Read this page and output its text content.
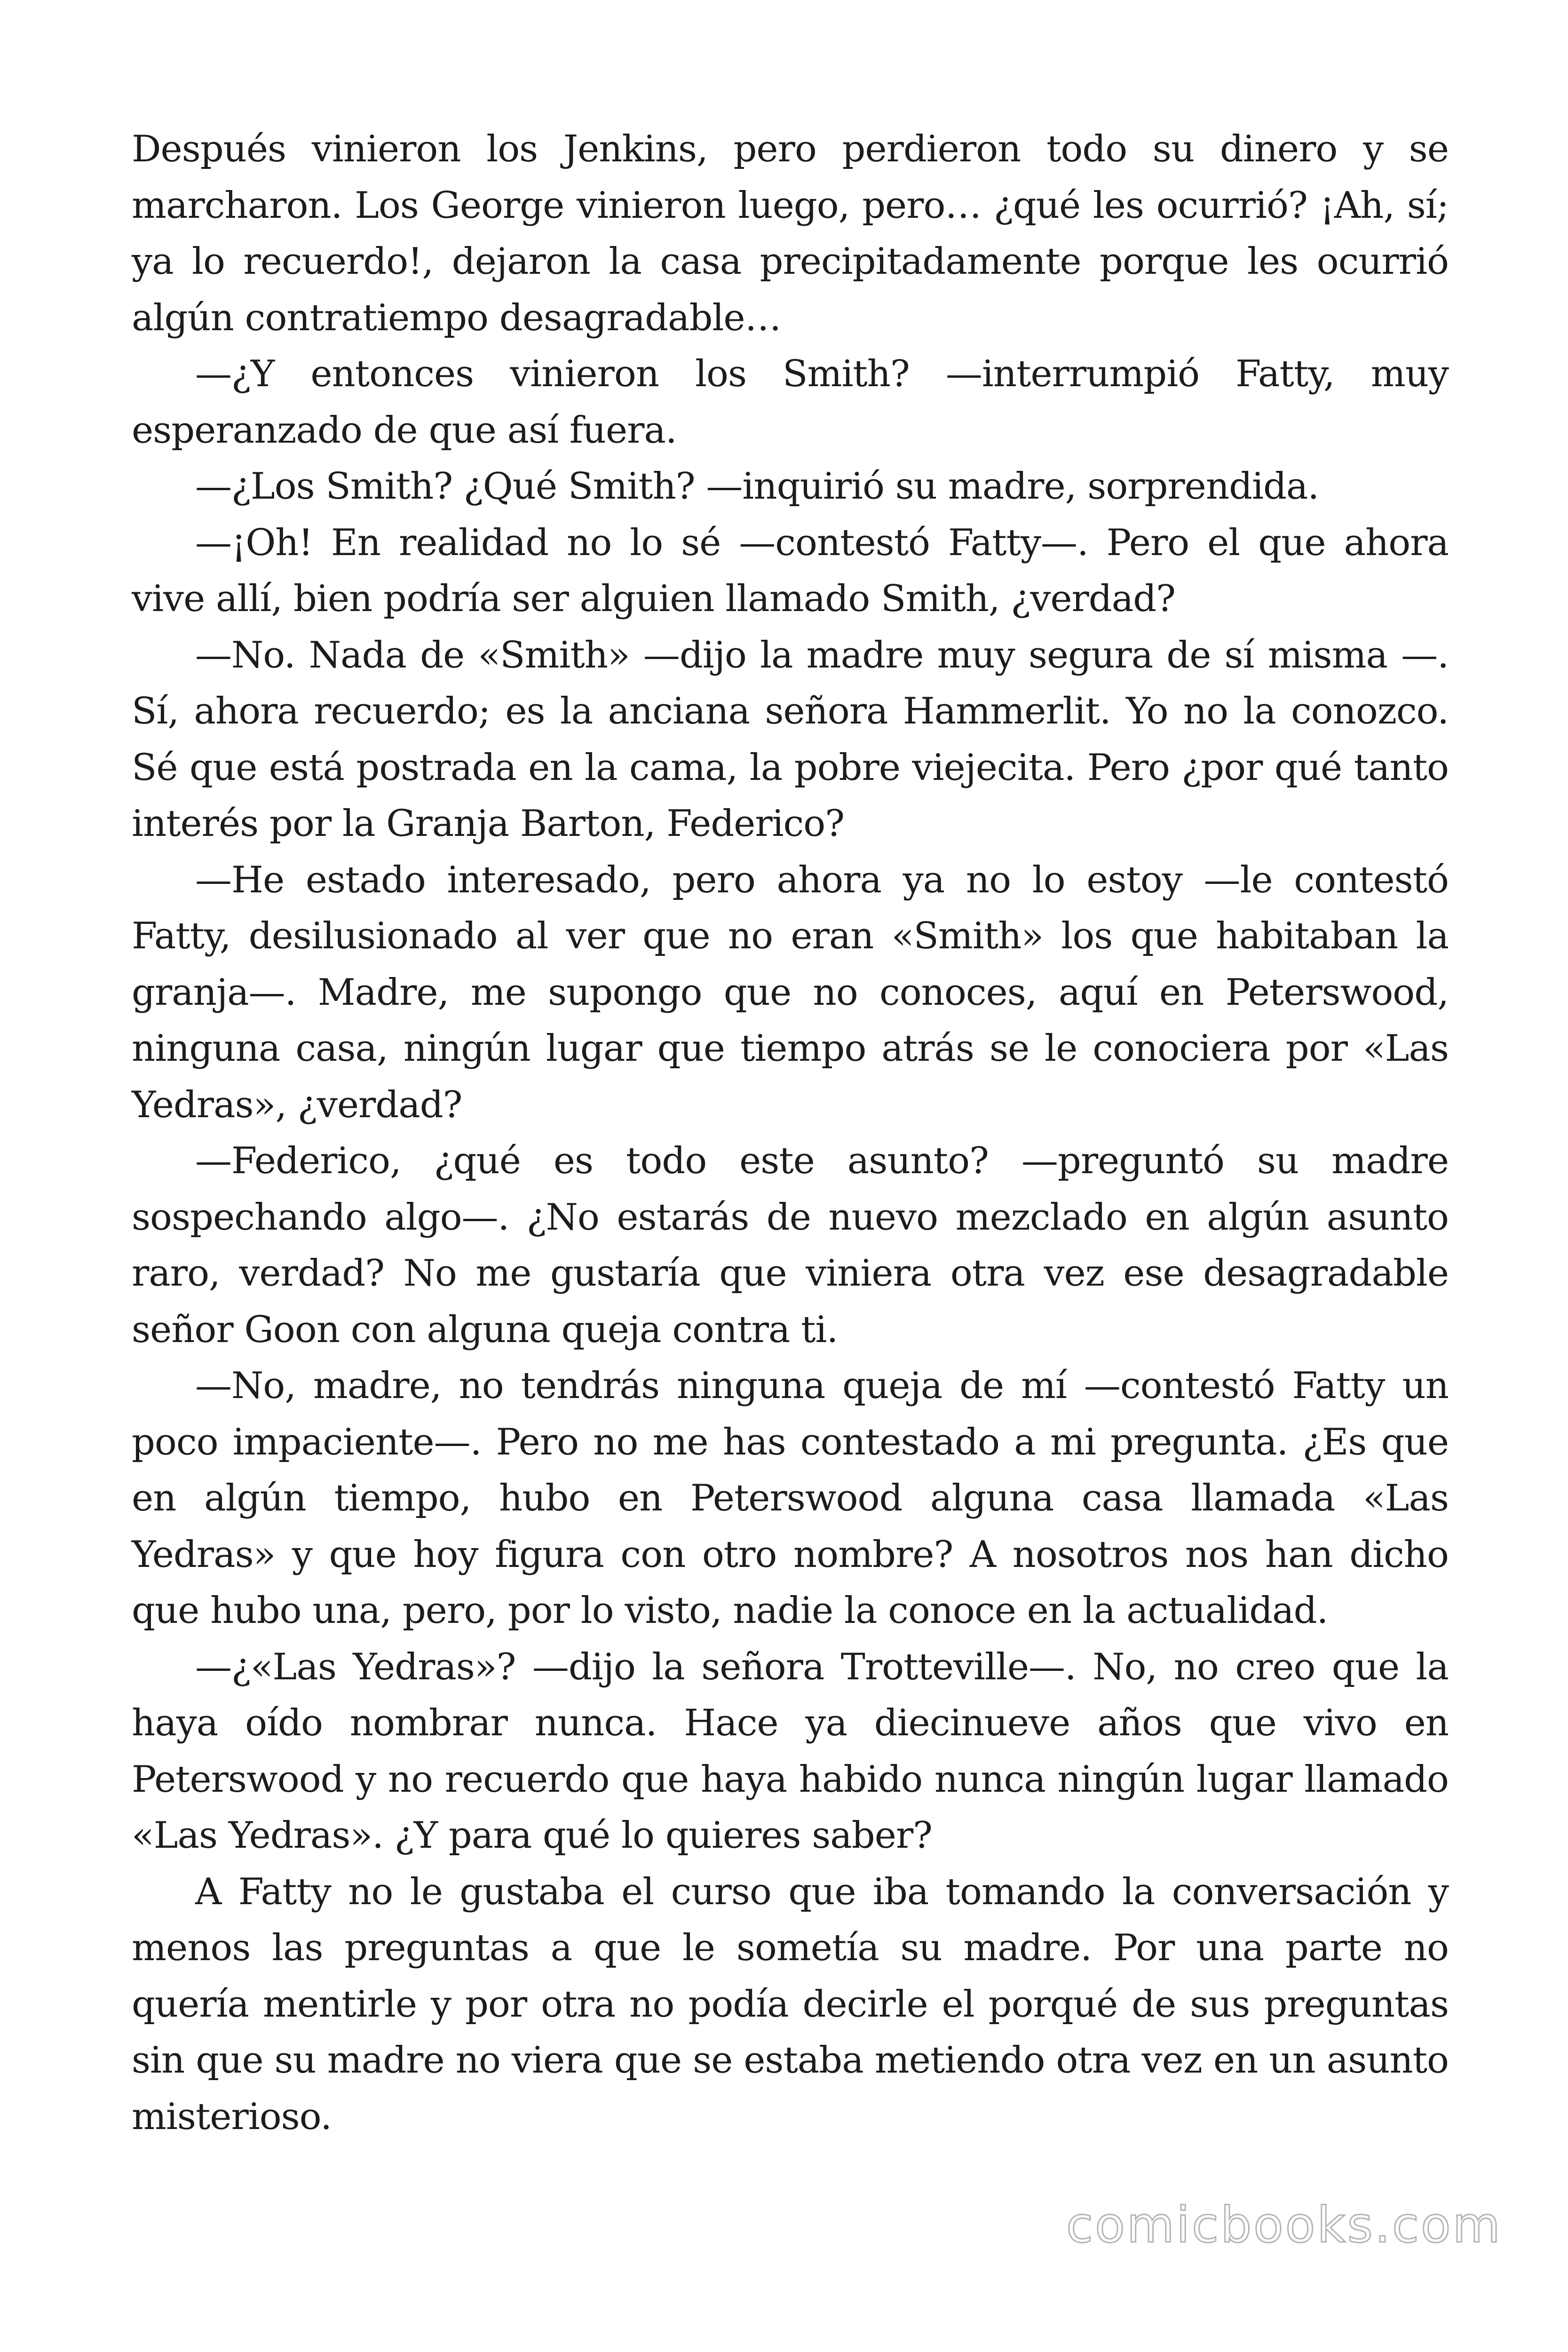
Después vinieron los Jenkins, pero perdieron todo su dinero y se marcharon. Los George vinieron luego, pero… ¿qué les ocurrió? ¡Ah, sí; ya lo recuerdo!, dejaron la casa precipitadamente porque les ocurrió algún contratiempo desagradable…

—¿Y entonces vinieron los Smith? —interrumpió Fatty, muy esperanzado de que así fuera.

—¿Los Smith? ¿Qué Smith? —inquirió su madre, sorprendida.

—¡Oh! En realidad no lo sé —contestó Fatty—. Pero el que ahora vive allí, bien podría ser alguien llamado Smith, ¿verdad?

—No. Nada de «Smith» —dijo la madre muy segura de sí misma —. Sí, ahora recuerdo; es la anciana señora Hammerlit. Yo no la conozco. Sé que está postrada en la cama, la pobre viejecita. Pero ¿por qué tanto interés por la Granja Barton, Federico?

—He estado interesado, pero ahora ya no lo estoy —le contestó Fatty, desilusionado al ver que no eran «Smith» los que habitaban la granja—. Madre, me supongo que no conoces, aquí en Peterswood, ninguna casa, ningún lugar que tiempo atrás se le conociera por «Las Yedras», ¿verdad?

—Federico, ¿qué es todo este asunto? —preguntó su madre sospechando algo—. ¿No estarás de nuevo mezclado en algún asunto raro, verdad? No me gustaría que viniera otra vez ese desagradable señor Goon con alguna queja contra ti.

—No, madre, no tendrás ninguna queja de mí —contestó Fatty un poco impaciente—. Pero no me has contestado a mi pregunta. ¿Es que en algún tiempo, hubo en Peterswood alguna casa llamada «Las Yedras» y que hoy figura con otro nombre? A nosotros nos han dicho que hubo una, pero, por lo visto, nadie la conoce en la actualidad.

—¿«Las Yedras»? —dijo la señora Trotteville—. No, no creo que la haya oído nombrar nunca. Hace ya diecinueve años que vivo en Peterswood y no recuerdo que haya habido nunca ningún lugar llamado «Las Yedras». ¿Y para qué lo quieres saber?

A Fatty no le gustaba el curso que iba tomando la conversación y menos las preguntas a que le sometía su madre. Por una parte no quería mentirle y por otra no podía decirle el porqué de sus preguntas sin que su madre no viera que se estaba metiendo otra vez en un asunto misterioso.

comicbooks.com
